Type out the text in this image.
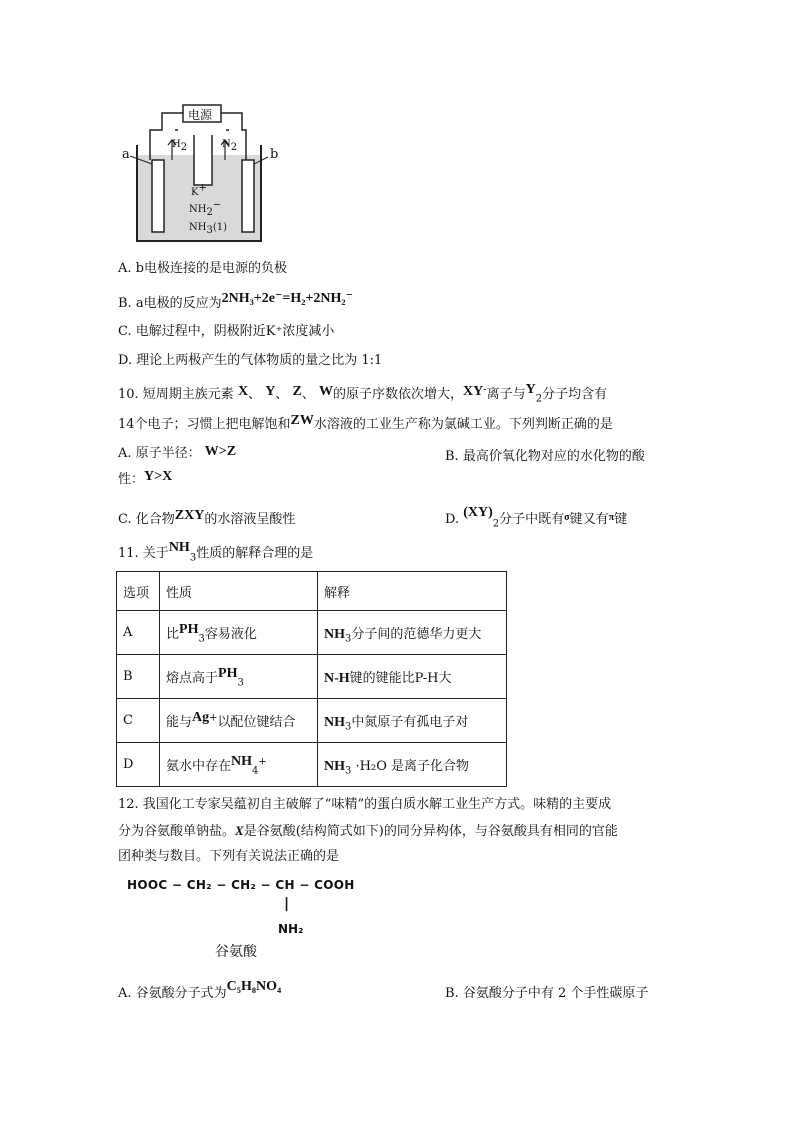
电源
a	b
$H_2$	$N_2$
K+
$NH_2^-$
$NH_3(1)$
A. b电极连接的是电源的负极
B. a电极的反应为2NH₃+2e⁻=H₂+2NH₂⁻
C. 电解过程中，阴极附近K⁺浓度减小
D. 理论上两极产生的气体物质的量之比为 1:1
10. 短周期主族元素 X、 Y、 Z、 W的原子序数依次增大，XY-离子与$Y_2$分子均含有
14个电子；习惯上把电解饱和ZW水溶液的工业生产称为氯碱工业。下列判断正确的是
A. 原子半径： W>Z	B. 最高价氧化物对应的水化物的酸
性：Y>X
C. 化合物ZXY的水溶液呈酸性	D. $(XY)_2$分子中既有$^\sigma$键又有$^\pi$键
11. 关于$NH_3$性质的解释合理的是
选项	性质	解释
A	比$PH_3$容易液化	$NH_3$分子间的范德华力更大
B	熔点高于$PH_3$	N-H键的键能比P-H大
C	能与Ag+以配位键结合	$NH_3$中氮原子有孤电子对
D	氨水中存在$NH_4^+$	$NH_3 \cdot H_2O$ 是离子化合物
12. 我国化工专家吴蕴初自主破解了“味精”的蛋白质水解工业生产方式。味精的主要成
分为谷氨酸单钠盐。X是谷氨酸(结构简式如下)的同分异构体，与谷氨酸具有相同的官能
团种类与数目。下列有关说法正确的是
HOOC − CH₂ − CH₂ − CH − COOH
|
NH₂
谷氨酸
A. 谷氨酸分子式为C₅H₈NO₄	B. 谷氨酸分子中有 2 个手性碳原子
